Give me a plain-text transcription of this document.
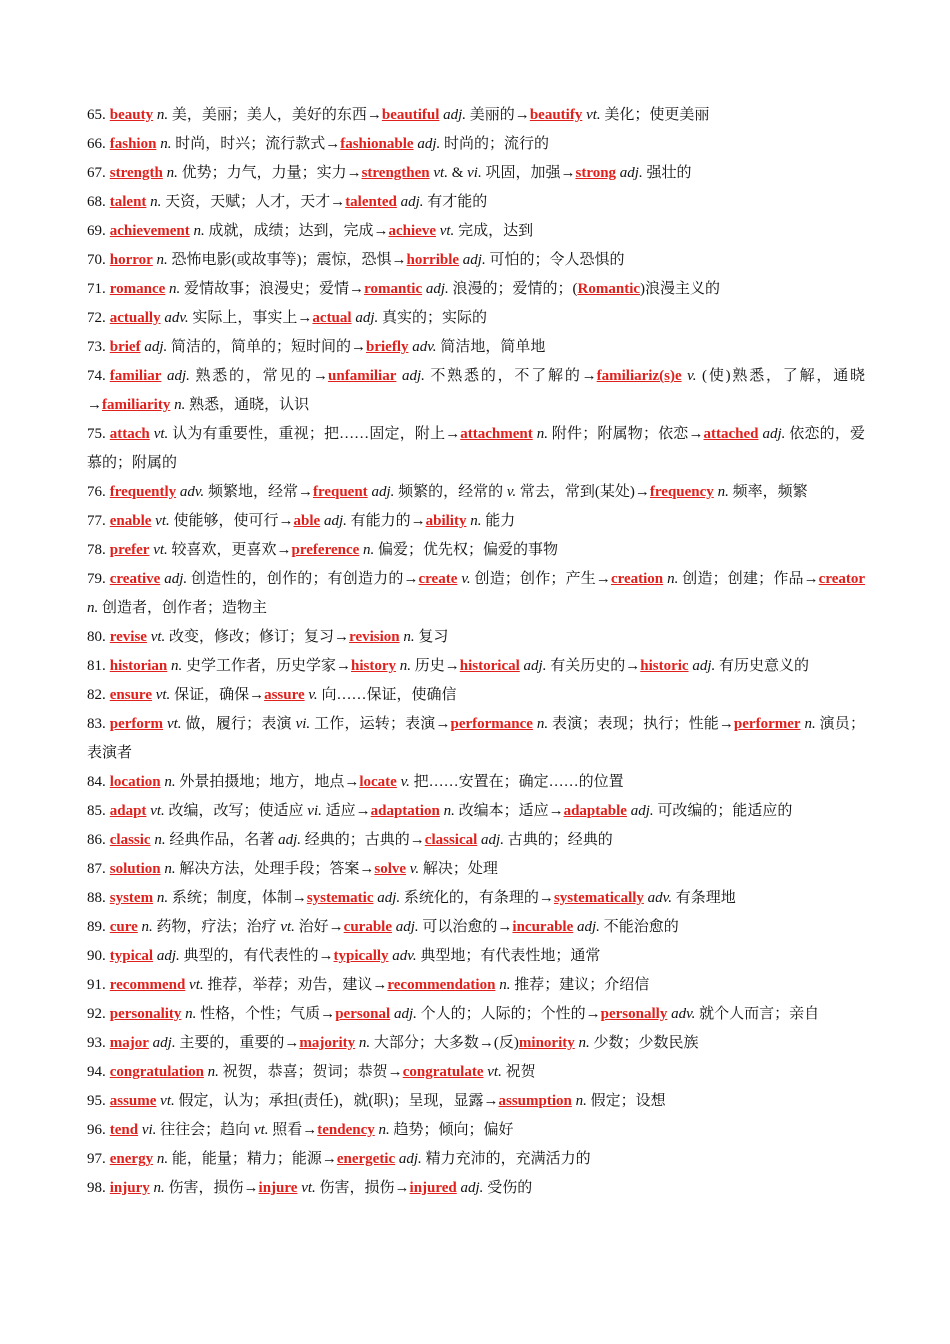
65. beauty n. 美，美丽；美人，美好的东西→beautiful adj. 美丽的→beautify vt. 美化；使更美丽

66. fashion n. 时尚，时兴；流行款式→fashionable adj. 时尚的；流行的

67. strength n. 优势；力气，力量；实力→strengthen vt. & vi. 巩固，加强→strong adj. 强壮的

68. talent n. 天资，天赋；人才，天才→talented adj. 有才能的

69. achievement n. 成就，成绩；达到，完成→achieve vt. 完成，达到

70. horror n. 恐怖电影(或故事等)；震惊，恐惧→horrible adj. 可怕的；令人恐惧的

71. romance n. 爱情故事；浪漫史；爱情→romantic adj. 浪漫的；爱情的；(Romantic)浪漫主义的

72. actually adv. 实际上，事实上→actual adj. 真实的；实际的

73. brief adj. 简洁的，简单的；短时间的→briefly adv. 简洁地，简单地

74. familiar adj. 熟悉的，常见的→unfamiliar adj. 不熟悉的，不了解的→familiariz(s)e v. (使)熟悉，了解，通晓→familiarity n. 熟悉，通晓，认识

75. attach vt. 认为有重要性，重视；把……固定，附上→attachment n. 附件；附属物；依恋→attached adj. 依恋的，爱慕的；附属的

76. frequently adv. 频繁地，经常→frequent adj. 频繁的，经常的 v. 常去，常到(某处)→frequency n. 频率，频繁

77. enable vt. 使能够，使可行→able adj. 有能力的→ability n. 能力

78. prefer vt. 较喜欢，更喜欢→preference n. 偏爱；优先权；偏爱的事物

79. creative adj. 创造性的，创作的；有创造力的→create v. 创造；创作；产生→creation n. 创造；创建；作品→creator n. 创造者，创作者；造物主

80. revise vt. 改变，修改；修订；复习→revision n. 复习

81. historian n. 史学工作者，历史学家→history n. 历史→historical adj. 有关历史的→historic adj. 有历史意义的

82. ensure vt. 保证，确保→assure v. 向……保证，使确信

83. perform vt. 做，履行；表演 vi. 工作，运转；表演→performance n. 表演；表现；执行；性能→performer n. 演员；表演者

84. location n. 外景拍摄地；地方，地点→locate v. 把……安置在；确定……的位置

85. adapt vt. 改编，改写；使适应 vi. 适应→adaptation n. 改编本；适应→adaptable adj. 可改编的；能适应的

86. classic n. 经典作品，名著 adj. 经典的；古典的→classical adj. 古典的；经典的

87. solution n. 解决方法，处理手段；答案→solve v. 解决；处理

88. system n. 系统；制度，体制→systematic adj. 系统化的，有条理的→systematically adv. 有条理地

89. cure n. 药物，疗法；治疗 vt. 治好→curable adj. 可以治愈的→incurable adj. 不能治愈的

90. typical adj. 典型的，有代表性的→typically adv. 典型地；有代表性地；通常

91. recommend vt. 推荐，举荐；劝告，建议→recommendation n. 推荐；建议；介绍信

92. personality n. 性格，个性；气质→personal adj. 个人的；人际的；个性的→personally adv. 就个人而言；亲自

93. major adj. 主要的，重要的→majority n. 大部分；大多数→(反)minority n. 少数；少数民族

94. congratulation n. 祝贺，恭喜；贺词；恭贺→congratulate vt. 祝贺

95. assume vt. 假定，认为；承担(责任)，就(职)；呈现，显露→assumption n. 假定；设想

96. tend vi. 往往会；趋向 vt. 照看→tendency n. 趋势；倾向；偏好

97. energy n. 能，能量；精力；能源→energetic adj. 精力充沛的，充满活力的

98. injury n. 伤害，损伤→injure vt. 伤害，损伤→injured adj. 受伤的
